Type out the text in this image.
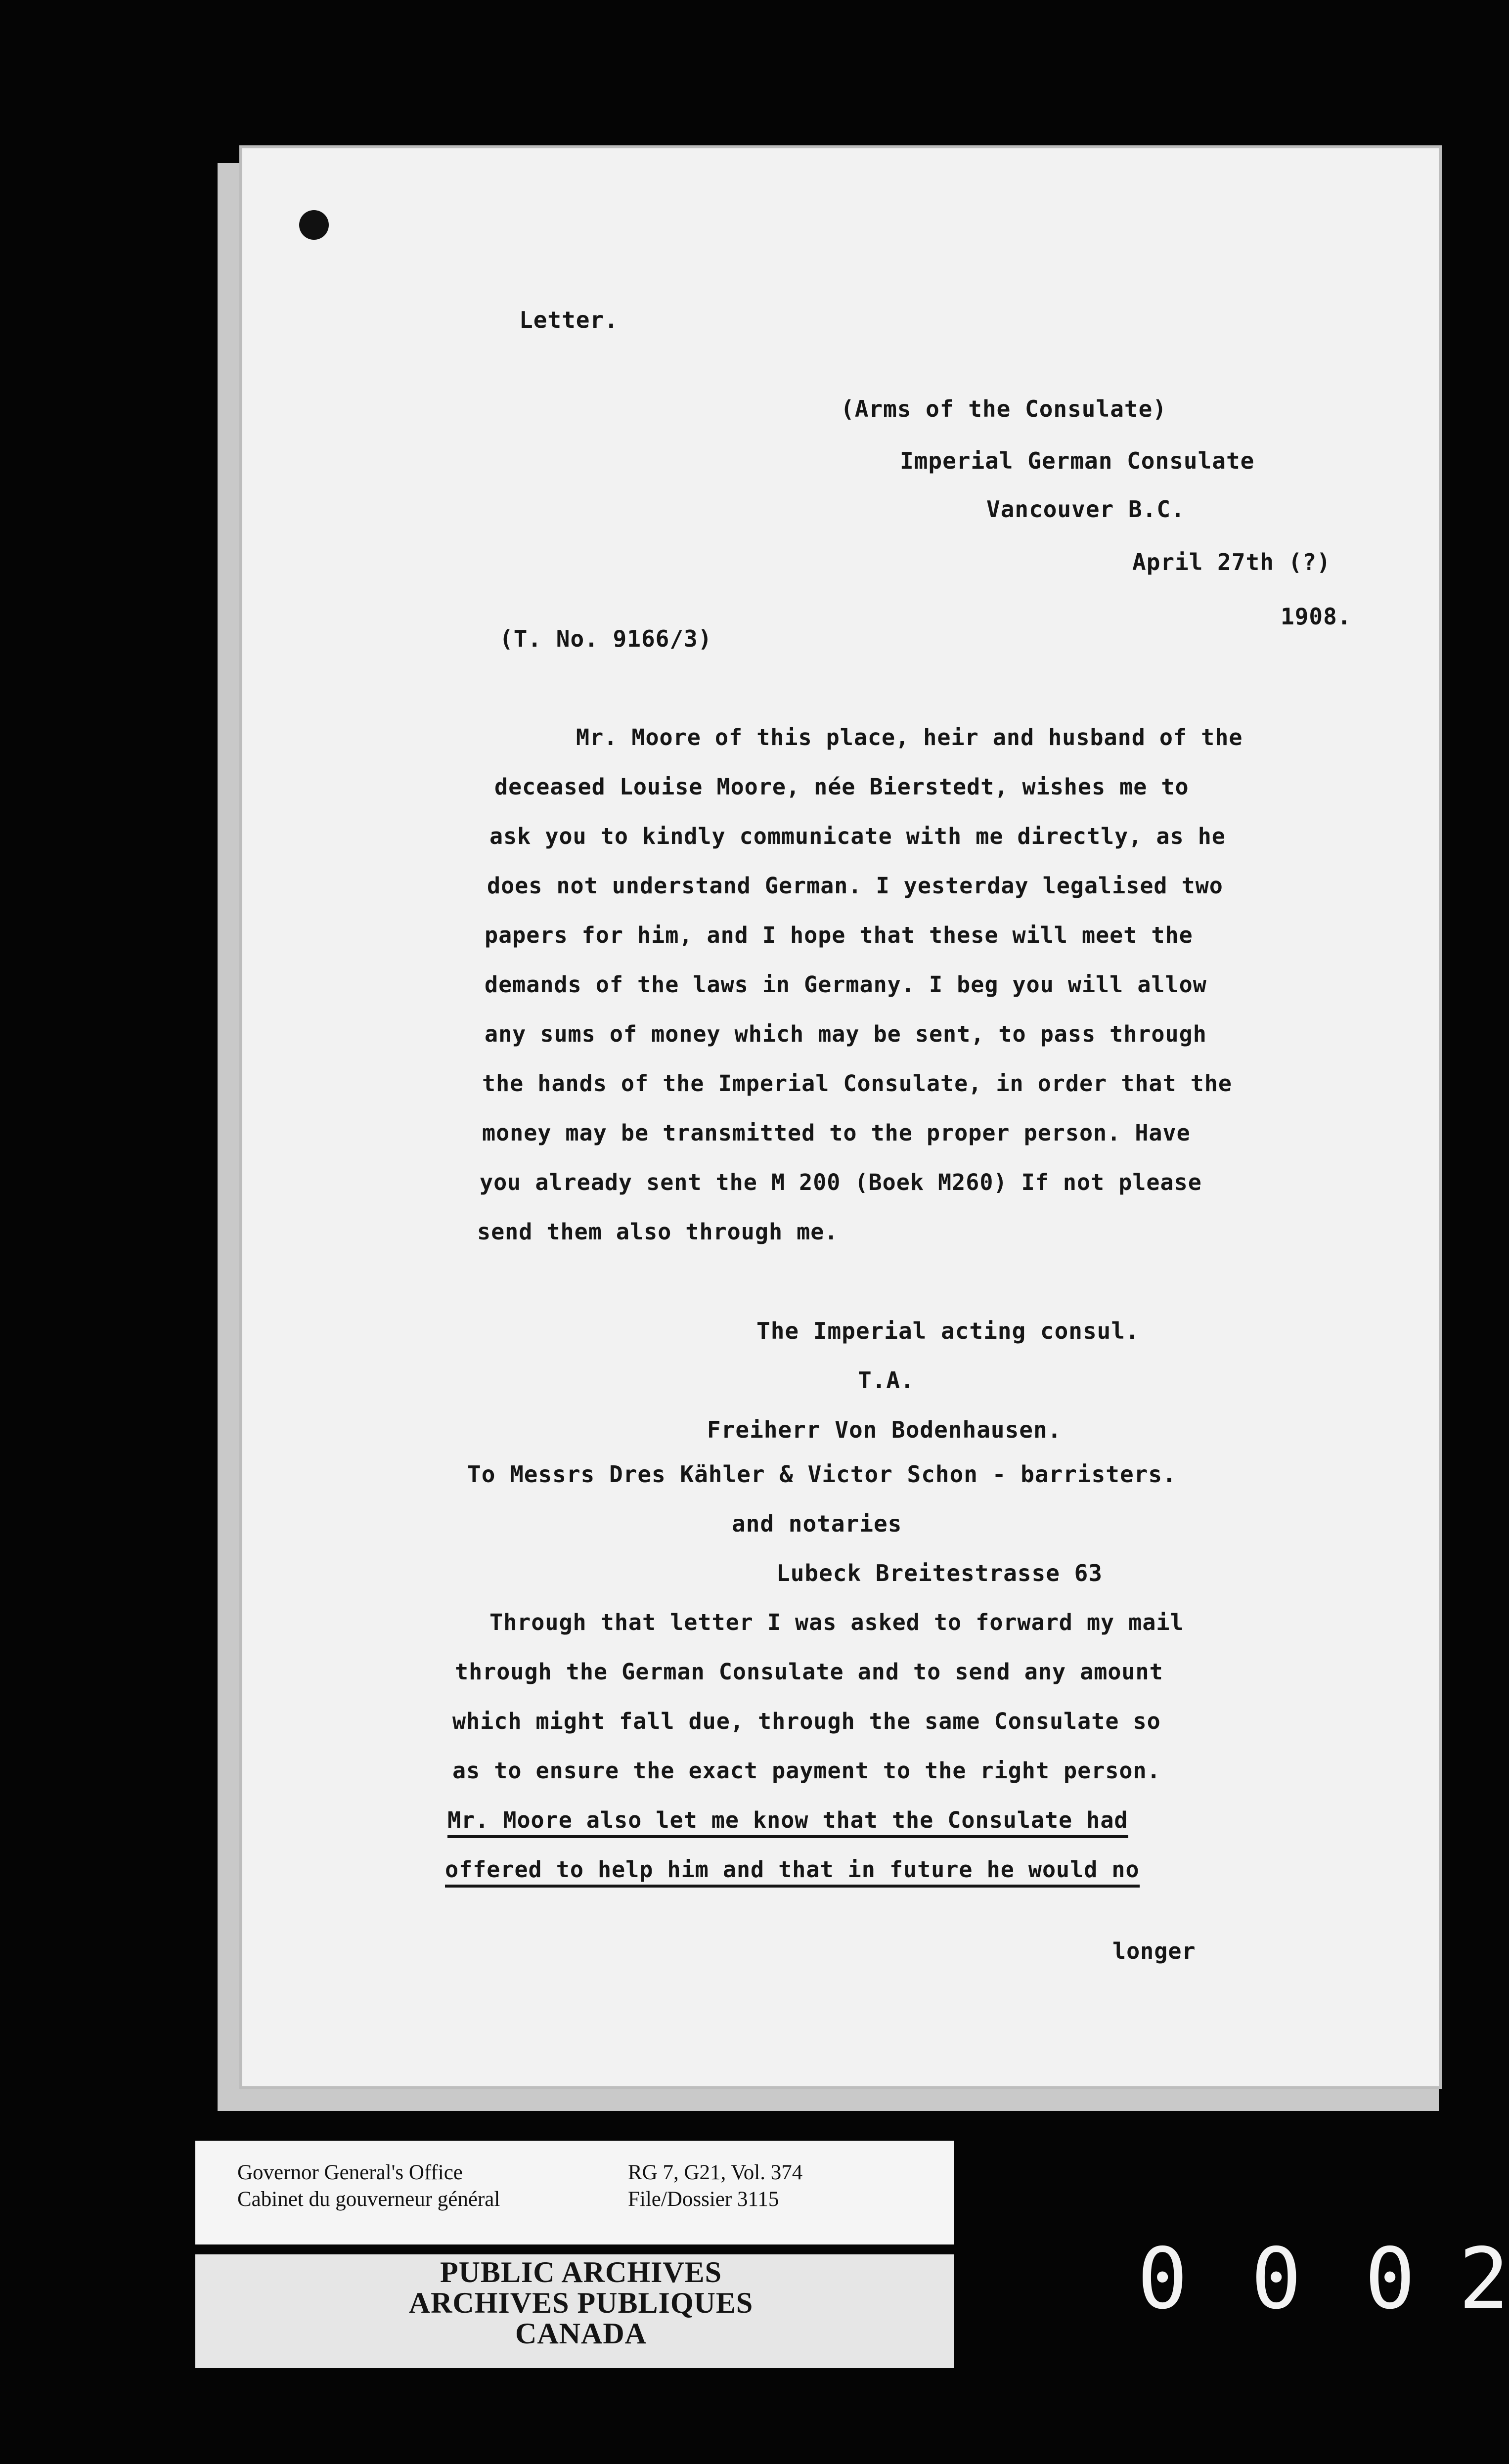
Letter.
(Arms of the Consulate)
Imperial German Consulate
Vancouver B.C.
April 27th (?)
1908.
(T. No. 9166/3)
Mr. Moore of this place, heir and husband of the
deceased Louise Moore, née Bierstedt, wishes me to
ask you to kindly communicate with me directly, as he
does not understand German. I yesterday legalised two
papers for him, and I hope that these will meet the
demands of the laws in Germany. I beg you will allow
any sums of money which may be sent, to pass through
the hands of the Imperial Consulate, in order that the
money may be transmitted to the proper person. Have
you already sent the M 200 (Boek M260) If not please
send them also through me.
The Imperial acting consul.
T.A.
Freiherr Von Bodenhausen.
To Messrs Dres Kähler & Victor Schon - barristers.
and notaries
Lubeck Breitestrasse 63
Through that letter I was asked to forward my mail
through the German Consulate and to send any amount
which might fall due, through the same Consulate so
as to ensure the exact payment to the right person.
Mr. Moore also let me know that the Consulate had
offered to help him and that in future he would no
longer
Governor General's Office
Cabinet du gouverneur général
RG 7, G21, Vol. 374
File/Dossier 3115
PUBLIC ARCHIVES
ARCHIVES PUBLIQUES
CANADA
0 0 0 2
